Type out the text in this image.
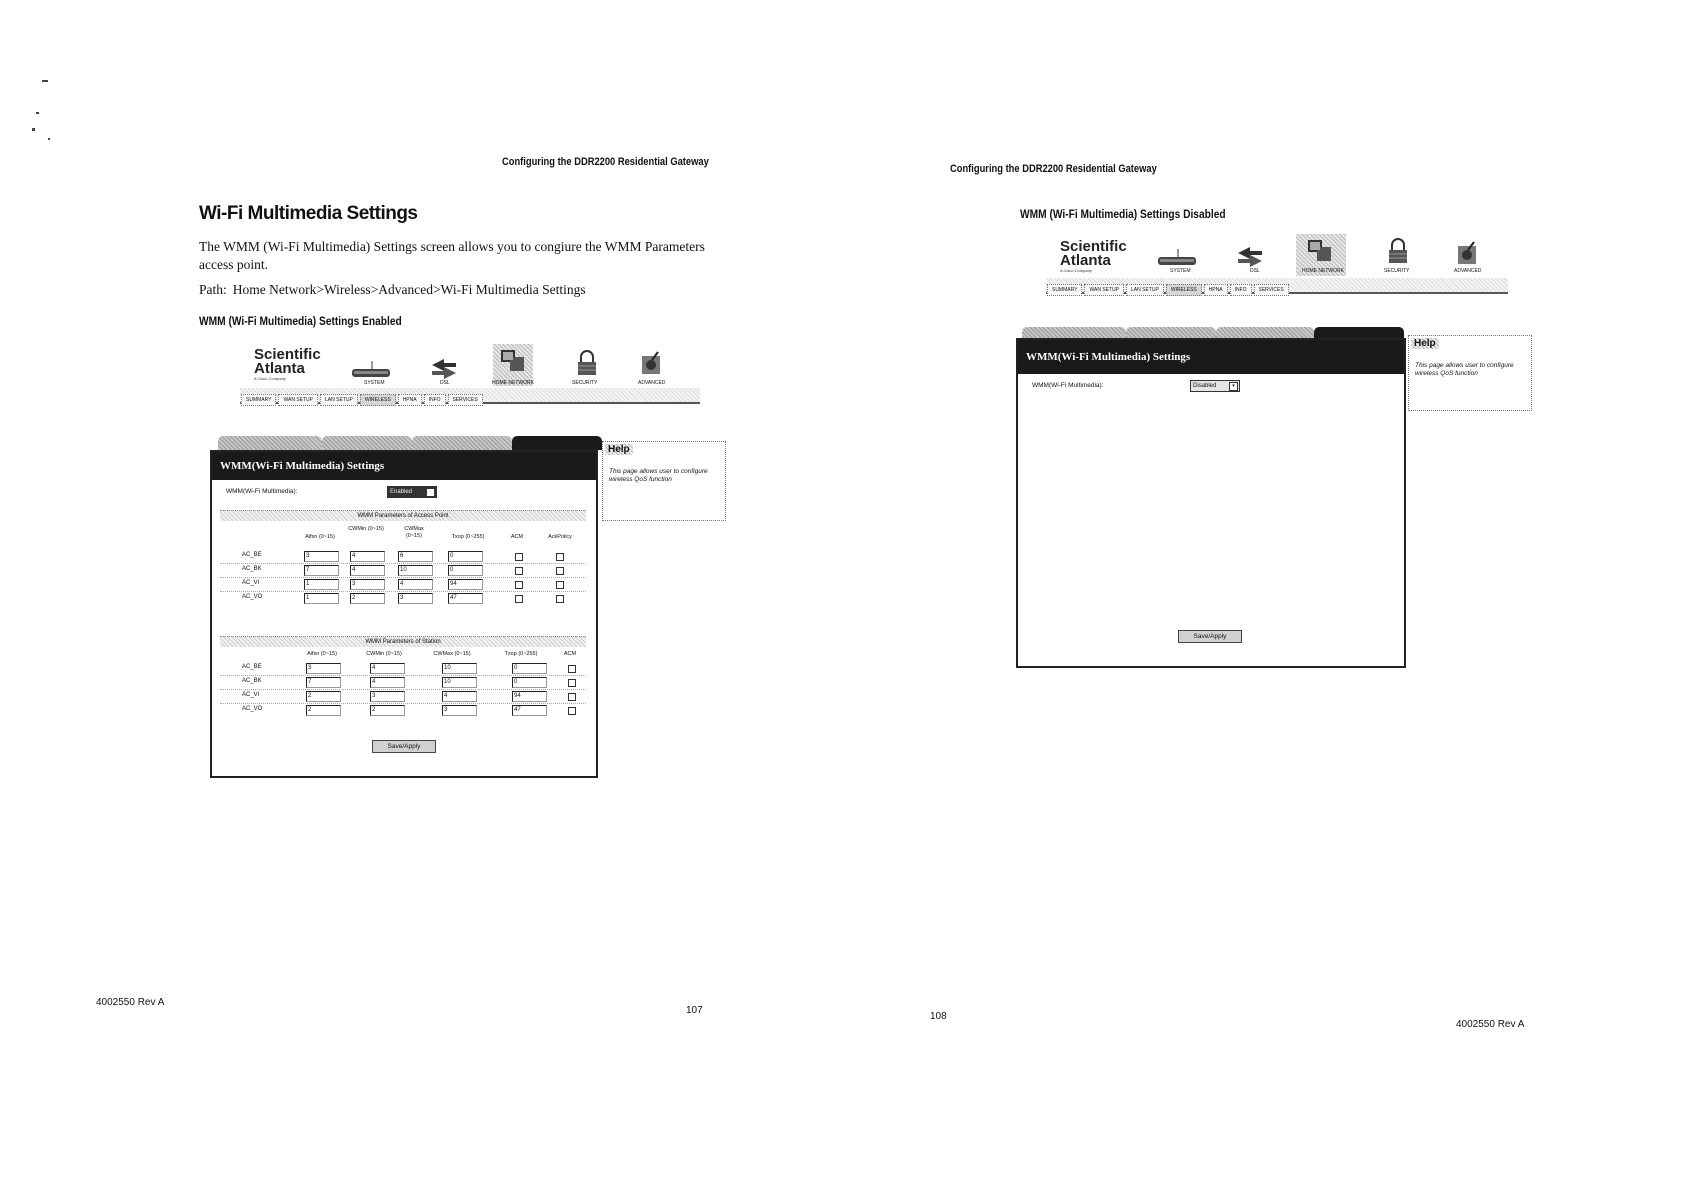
Configuring the DDR2200 Residential Gateway
Wi-Fi Multimedia Settings
The WMM (Wi-Fi Multimedia) Settings screen allows you to congiure the WMM Parameters access point.
Path: Home Network>Wireless>Advanced>Wi-Fi Multimedia Settings
WMM (Wi-Fi Multimedia) Settings Enabled
Scientific
Atlanta
A Cisco Company
SYSTEM	DSL	HOME NETWORK	SECURITY	ADVANCED
SUMMARY WAN SETUP LAN SETUP WIRELESS HPNA INFO SERVICES
WMM(Wi-Fi Multimedia) Settings
WMM(Wi-Fi Multimedia):	Enabled	▾
WMM Parameters of Access Point
Aifsn (0~15)
CWMin (0~15)	CWMax (0~15)	Txop (0~255)	ACM	AckPolicy
AC_BE	3	4	6	0
AC_BK	7	4	10	0
AC_VI	1	3	4	94
AC_VO	1	2	3	47
WMM Parameters of Station
Aifsn (0~15)	CWMin (0~15)	CWMax (0~15)	Txop (0~255)	ACM
AC_BE	3	4	10	0
AC_BK	7	4	10	0
AC_VI	2	3	4	94
AC_VO	2	2	3	47
Save/Apply
Help
This page allows user to configure wireless QoS function
4002550 Rev A
107
Configuring the DDR2200 Residential Gateway
WMM (Wi-Fi Multimedia) Settings Disabled
Scientific
Atlanta
A Cisco Company	SYSTEM	DSL	HOME NETWORK	SECURITY	ADVANCED
SUMMARY WAN SETUP LAN SETUP WIRELESS HPNA INFO SERVICES
WMM(Wi-Fi Multimedia) Settings
WMM(Wi-Fi Multimedia):	Disabled	▾
Save/Apply
Help
This page allows user to configure wireless QoS function
108
4002550 Rev A
